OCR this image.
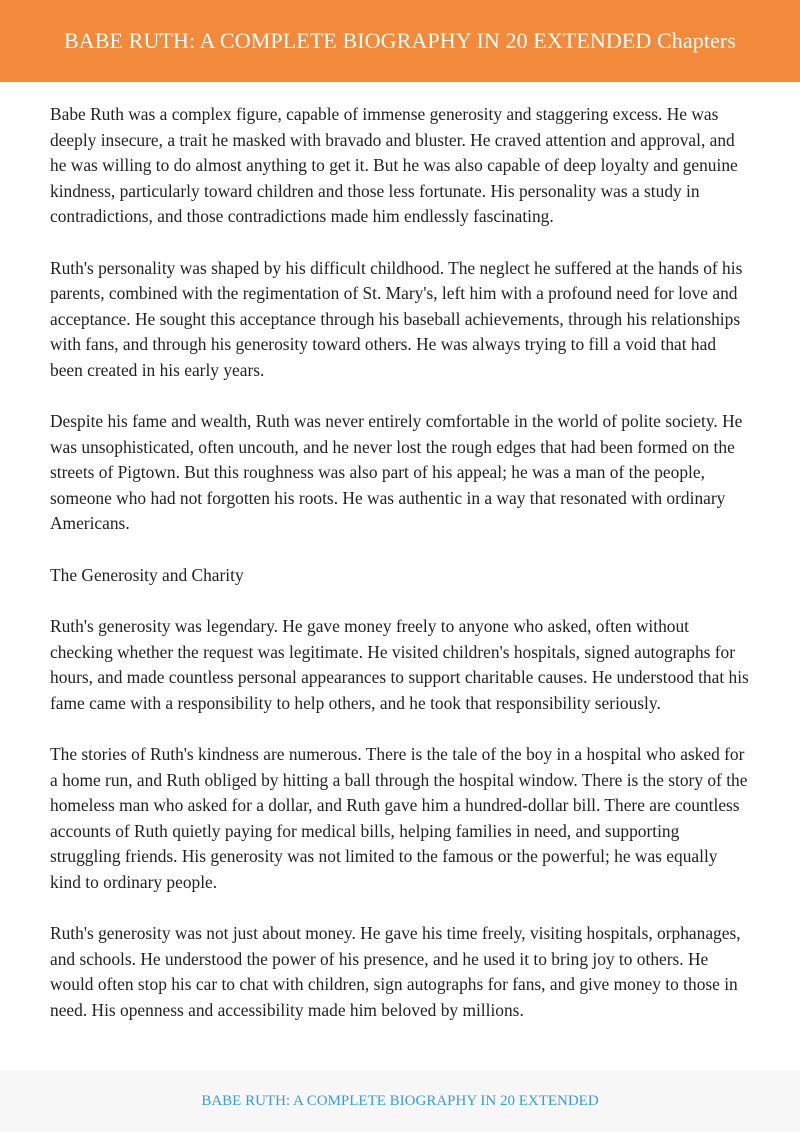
BABE RUTH: A COMPLETE BIOGRAPHY IN 20 EXTENDED Chapters

Babe Ruth was a complex figure, capable of immense generosity and staggering excess. He was deeply insecure, a trait he masked with bravado and bluster. He craved attention and approval, and he was willing to do almost anything to get it. But he was also capable of deep loyalty and genuine kindness, particularly toward children and those less fortunate. His personality was a study in contradictions, and those contradictions made him endlessly fascinating.

Ruth's personality was shaped by his difficult childhood. The neglect he suffered at the hands of his parents, combined with the regimentation of St. Mary's, left him with a profound need for love and acceptance. He sought this acceptance through his baseball achievements, through his relationships with fans, and through his generosity toward others. He was always trying to fill a void that had been created in his early years.

Despite his fame and wealth, Ruth was never entirely comfortable in the world of polite society. He was unsophisticated, often uncouth, and he never lost the rough edges that had been formed on the streets of Pigtown. But this roughness was also part of his appeal; he was a man of the people, someone who had not forgotten his roots. He was authentic in a way that resonated with ordinary Americans.

The Generosity and Charity

Ruth's generosity was legendary. He gave money freely to anyone who asked, often without checking whether the request was legitimate. He visited children's hospitals, signed autographs for hours, and made countless personal appearances to support charitable causes. He understood that his fame came with a responsibility to help others, and he took that responsibility seriously.

The stories of Ruth's kindness are numerous. There is the tale of the boy in a hospital who asked for a home run, and Ruth obliged by hitting a ball through the hospital window. There is the story of the homeless man who asked for a dollar, and Ruth gave him a hundred-dollar bill. There are countless accounts of Ruth quietly paying for medical bills, helping families in need, and supporting struggling friends. His generosity was not limited to the famous or the powerful; he was equally kind to ordinary people.

Ruth's generosity was not just about money. He gave his time freely, visiting hospitals, orphanages, and schools. He understood the power of his presence, and he used it to bring joy to others. He would often stop his car to chat with children, sign autographs for fans, and give money to those in need. His openness and accessibility made him beloved by millions.

BABE RUTH: A COMPLETE BIOGRAPHY IN 20 EXTENDED
